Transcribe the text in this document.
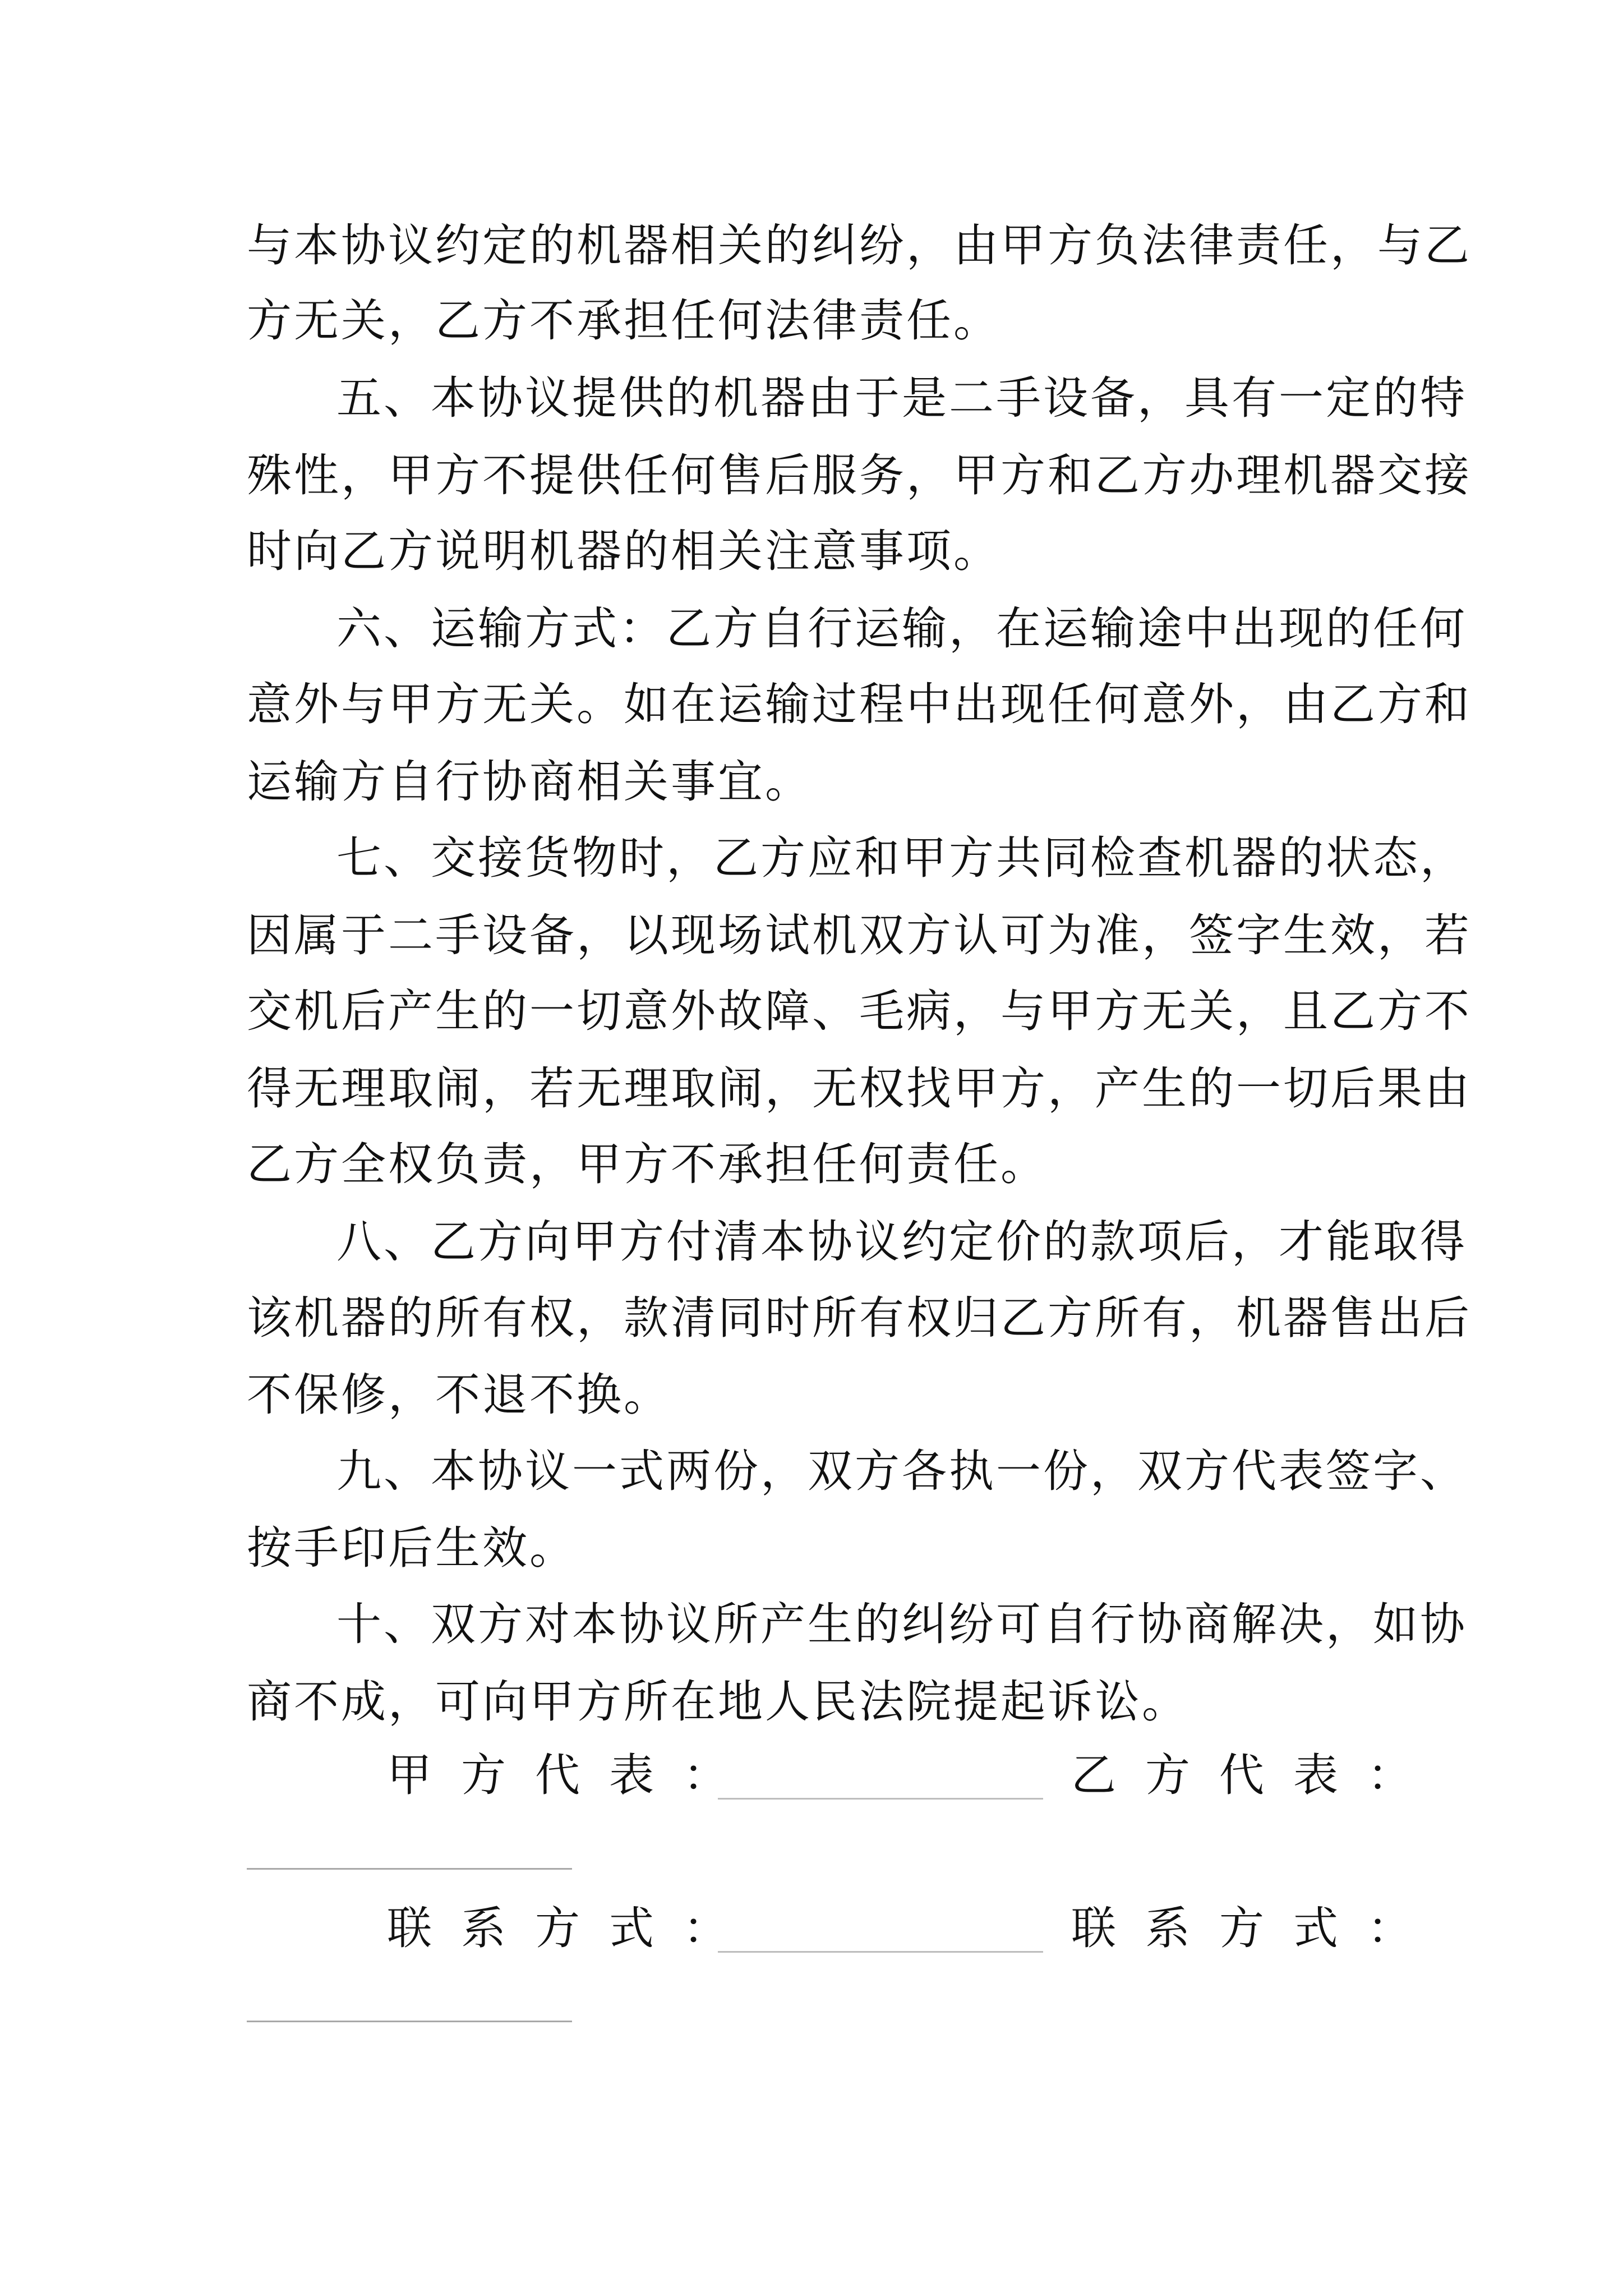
与本协议约定的机器相关的纠纷，由甲方负法律责任，与乙
方无关，乙方不承担任何法律责任。
五、本协议提供的机器由于是二手设备，具有一定的特
殊性，甲方不提供任何售后服务，甲方和乙方办理机器交接
时向乙方说明机器的相关注意事项。
六、运输方式：乙方自行运输，在运输途中出现的任何
意外与甲方无关。如在运输过程中出现任何意外，由乙方和
运输方自行协商相关事宜。
七、交接货物时，乙方应和甲方共同检查机器的状态，
因属于二手设备，以现场试机双方认可为准，签字生效，若
交机后产生的一切意外故障、毛病，与甲方无关，且乙方不
得无理取闹，若无理取闹，无权找甲方，产生的一切后果由
乙方全权负责，甲方不承担任何责任。
八、乙方向甲方付清本协议约定价的款项后，才能取得
该机器的所有权，款清同时所有权归乙方所有，机器售出后
不保修，不退不换。
九、本协议一式两份，双方各执一份，双方代表签字、
按手印后生效。
十、双方对本协议所产生的纠纷可自行协商解决，如协
商不成，可向甲方所在地人民法院提起诉讼。
甲方代表：	乙方代表：
联系方式：	联系方式：
